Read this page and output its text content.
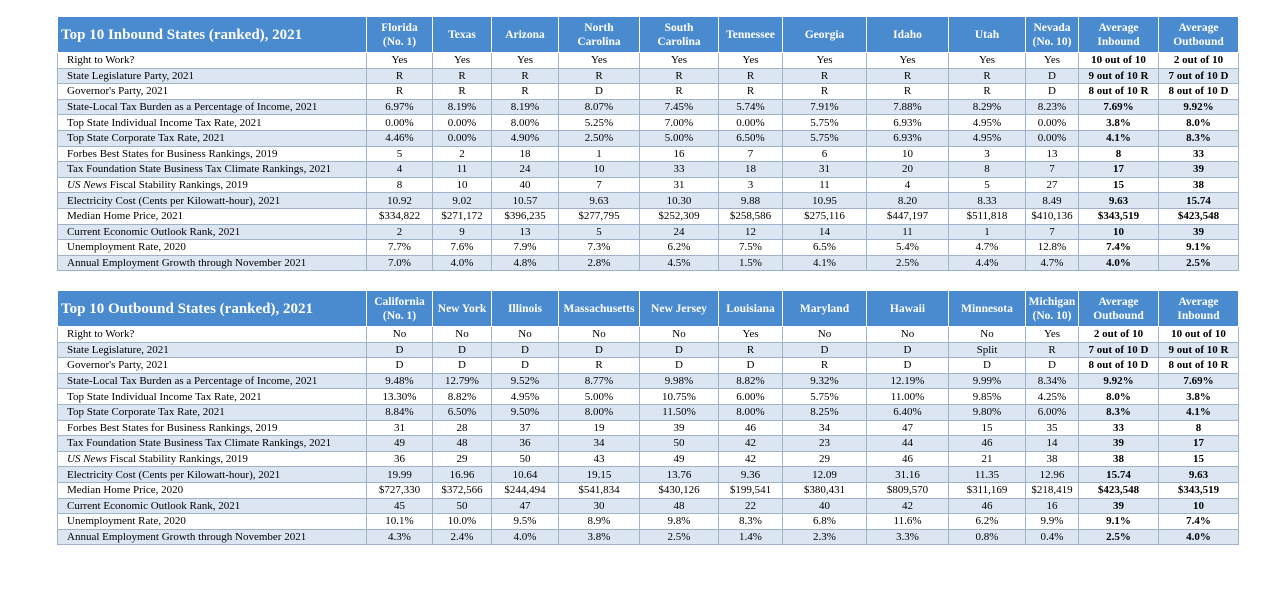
Top 10 Inbound States (ranked), 2021	Florida
(No. 1)	Texas	Arizona	North
Carolina	South
Carolina	Tennessee	Georgia	Idaho	Utah	Nevada
(No. 10)	Average
Inbound	Average
Outbound
Right to Work?	Yes	Yes	Yes	Yes	Yes	Yes	Yes	Yes	Yes	Yes	10 out of 10	2 out of 10
State Legislature Party, 2021	R	R	R	R	R	R	R	R	R	D	9 out of 10 R	7 out of 10 D
Governor's Party, 2021	R	R	R	D	R	R	R	R	R	D	8 out of 10 R	8 out of 10 D
State-Local Tax Burden as a Percentage of Income, 2021	6.97%	8.19%	8.19%	8.07%	7.45%	5.74%	7.91%	7.88%	8.29%	8.23%	7.69%	9.92%
Top State Individual Income Tax Rate, 2021	0.00%	0.00%	8.00%	5.25%	7.00%	0.00%	5.75%	6.93%	4.95%	0.00%	3.8%	8.0%
Top State Corporate Tax Rate, 2021	4.46%	0.00%	4.90%	2.50%	5.00%	6.50%	5.75%	6.93%	4.95%	0.00%	4.1%	8.3%
Forbes Best States for Business Rankings, 2019	5	2	18	1	16	7	6	10	3	13	8	33
Tax Foundation State Business Tax Climate Rankings, 2021	4	11	24	10	33	18	31	20	8	7	17	39
US News Fiscal Stability Rankings, 2019	8	10	40	7	31	3	11	4	5	27	15	38
Electricity Cost (Cents per Kilowatt-hour), 2021	10.92	9.02	10.57	9.63	10.30	9.88	10.95	8.20	8.33	8.49	9.63	15.74
Median Home Price, 2021	$334,822	$271,172	$396,235	$277,795	$252,309	$258,586	$275,116	$447,197	$511,818	$410,136	$343,519	$423,548
Current Economic Outlook Rank, 2021	2	9	13	5	24	12	14	11	1	7	10	39
Unemployment Rate, 2020	7.7%	7.6%	7.9%	7.3%	6.2%	7.5%	6.5%	5.4%	4.7%	12.8%	7.4%	9.1%
Annual Employment Growth through November 2021	7.0%	4.0%	4.8%	2.8%	4.5%	1.5%	4.1%	2.5%	4.4%	4.7%	4.0%	2.5%
Top 10 Outbound States (ranked), 2021	California
(No. 1)	New York	Illinois	Massachusetts	New Jersey	Louisiana	Maryland	Hawaii	Minnesota	Michigan
(No. 10)	Average
Outbound	Average
Inbound
Right to Work?	No	No	No	No	No	Yes	No	No	No	Yes	2 out of 10	10 out of 10
State Legislature, 2021	D	D	D	D	D	R	D	D	Split	R	7 out of 10 D	9 out of 10 R
Governor's Party, 2021	D	D	D	R	D	D	R	D	D	D	8 out of 10 D	8 out of 10 R
State-Local Tax Burden as a Percentage of Income, 2021	9.48%	12.79%	9.52%	8.77%	9.98%	8.82%	9.32%	12.19%	9.99%	8.34%	9.92%	7.69%
Top State Individual Income Tax Rate, 2021	13.30%	8.82%	4.95%	5.00%	10.75%	6.00%	5.75%	11.00%	9.85%	4.25%	8.0%	3.8%
Top State Corporate Tax Rate, 2021	8.84%	6.50%	9.50%	8.00%	11.50%	8.00%	8.25%	6.40%	9.80%	6.00%	8.3%	4.1%
Forbes Best States for Business Rankings, 2019	31	28	37	19	39	46	34	47	15	35	33	8
Tax Foundation State Business Tax Climate Rankings, 2021	49	48	36	34	50	42	23	44	46	14	39	17
US News Fiscal Stability Rankings, 2019	36	29	50	43	49	42	29	46	21	38	38	15
Electricity Cost (Cents per Kilowatt-hour), 2021	19.99	16.96	10.64	19.15	13.76	9.36	12.09	31.16	11.35	12.96	15.74	9.63
Median Home Price, 2020	$727,330	$372,566	$244,494	$541,834	$430,126	$199,541	$380,431	$809,570	$311,169	$218,419	$423,548	$343,519
Current Economic Outlook Rank, 2021	45	50	47	30	48	22	40	42	46	16	39	10
Unemployment Rate, 2020	10.1%	10.0%	9.5%	8.9%	9.8%	8.3%	6.8%	11.6%	6.2%	9.9%	9.1%	7.4%
Annual Employment Growth through November 2021	4.3%	2.4%	4.0%	3.8%	2.5%	1.4%	2.3%	3.3%	0.8%	0.4%	2.5%	4.0%
